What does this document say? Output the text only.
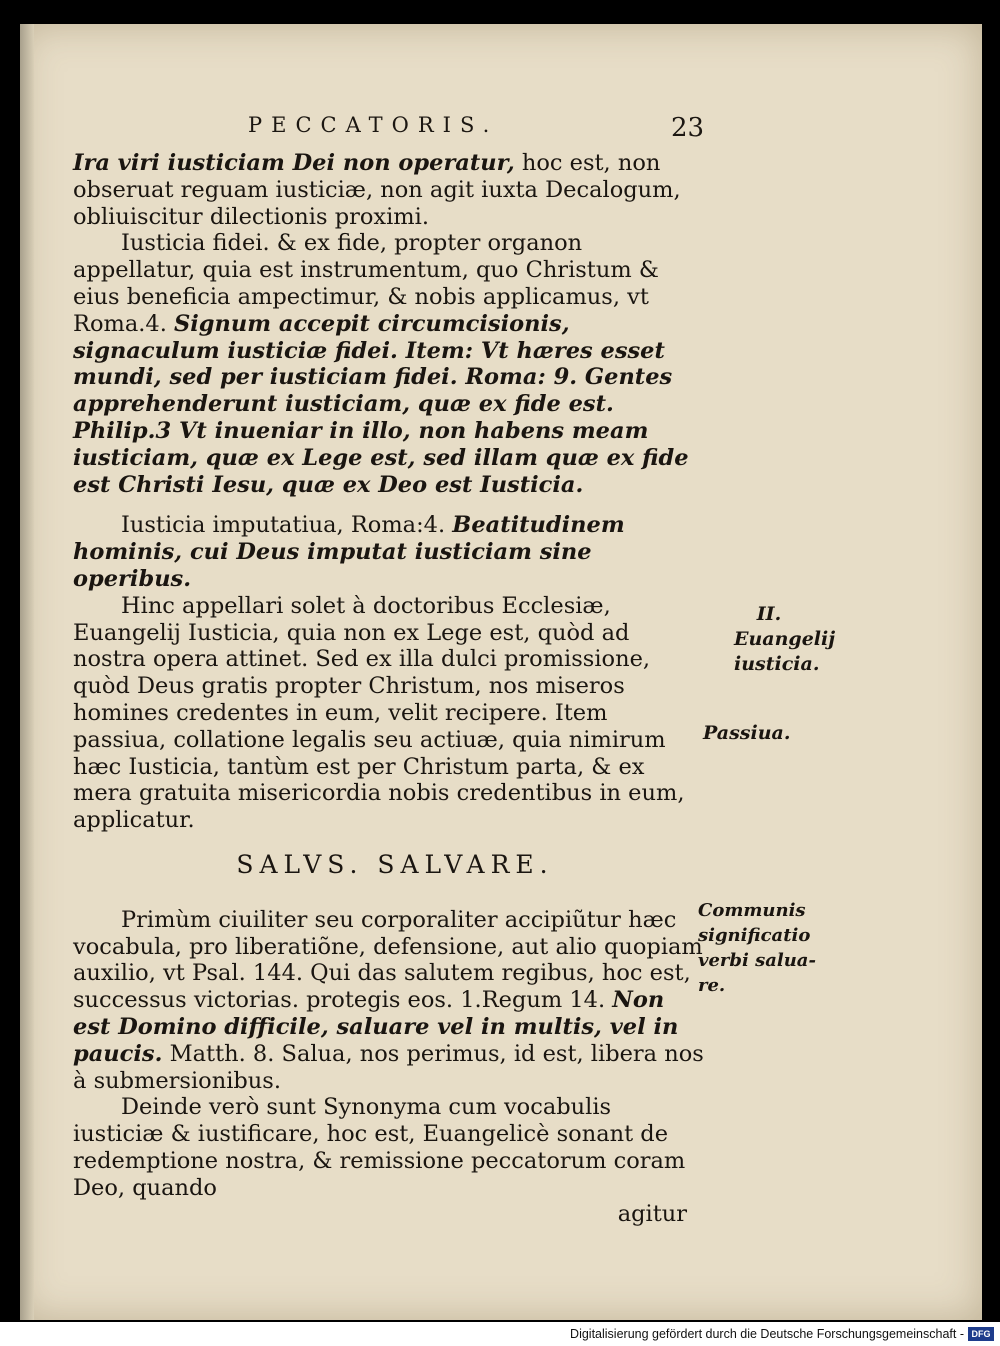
PECCATORIS.	23

Ira viri iusticiam Dei non operatur, hoc est, non obseruat reguam iusticiæ, non agit iuxta Decalogum, obliuiscitur dilectionis proximi.

Iusticia fidei. & ex fide, propter organon appellatur, quia est instrumentum, quo Christum & eius beneficia ampectimur, & nobis applicamus, vt Roma.4. Signum accepit circumcisionis, signaculum iusticiæ fidei. Item: Vt hæres esset mundi, sed per iusticiam fidei. Roma: 9. Gentes apprehenderunt iusticiam, quæ ex fide est. Philip.3 Vt inueniar in illo, non habens meam iusticiam, quæ ex Lege est, sed illam quæ ex fide est Christi Iesu, quæ ex Deo est Iusticia.

Iusticia imputatiua, Roma:4. Beatitudinem hominis, cui Deus imputat iusticiam sine operibus.

Hinc appellari solet à doctoribus Ecclesiæ, Euangelij Iusticia, quia non ex Lege est, quòd ad nostra opera attinet. Sed ex illa dulci promissione, quòd Deus gratis propter Christum, nos miseros homines credentes in eum, velit recipere. Item passiua, collatione legalis seu actiuæ, quia nimirum hæc Iusticia, tantùm est per Christum parta, & ex mera gratuita misericordia nobis credentibus in eum, applicatur.

SALVS. SALVARE.

Primùm ciuiliter seu corporaliter accipiũtur hæc vocabula, pro liberatiõne, defensione, aut alio quopiam auxilio, vt Psal. 144. Qui das salutem regibus, hoc est, successus victorias. protegis eos. 1.Regum 14. Non est Domino difficile, saluare vel in multis, vel in paucis. Matth. 8. Salua, nos perimus, id est, libera nos à submersionibus.

Deinde verò sunt Synonyma cum vocabulis iusticiæ & iustificare, hoc est, Euangelicè sonant de redemptione nostra, & remissione peccatorum coram Deo, quando

agitur

II.
Euangelij
iusticia.
Passiua.
Communis
significatio
verbi salua-
re.
Digitalisierung gefördert durch die Deutsche Forschungsgemeinschaft - DFG
